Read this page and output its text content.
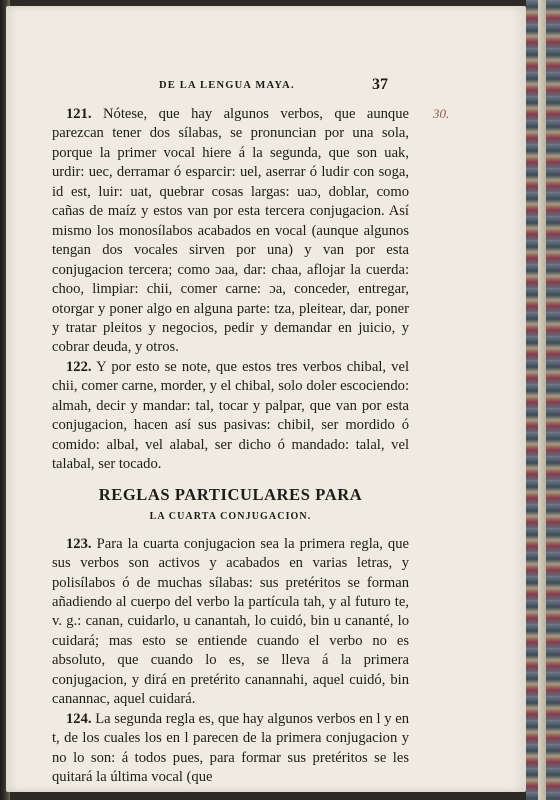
DE LA LENGUA MAYA.	37
30.

121. Nótese, que hay algunos verbos, que aunque parezcan tener dos sílabas, se pronuncian por una sola, porque la primer vocal hiere á la segunda, que son uak, urdir: uec, derramar ó esparcir: uel, aserrar ó ludir con soga, id est, luir: uat, quebrar cosas largas: uaɔ, doblar, como cañas de maíz y estos van por esta tercera conjugacion. Así mismo los monosílabos acabados en vocal (aunque algunos tengan dos vocales sirven por una) y van por esta conjugacion tercera; como ɔaa, dar: chaa, aflojar la cuerda: choo, limpiar: chii, comer carne: ɔa, conceder, entregar, otorgar y poner algo en alguna parte: tza, pleitear, dar, poner y tratar pleitos y negocios, pedir y demandar en juicio, y cobrar deuda, y otros.

122. Y por esto se note, que estos tres verbos chibal, vel chii, comer carne, morder, y el chibal, solo doler escociendo: almah, decir y mandar: tal, tocar y palpar, que van por esta conjugacion, hacen así sus pasivas: chibil, ser mordido ó comido: albal, vel alabal, ser dicho ó mandado: talal, vel talabal, ser tocado.

REGLAS PARTICULARES PARA
LA CUARTA CONJUGACION.

123. Para la cuarta conjugacion sea la primera regla, que sus verbos son activos y acabados en varias letras, y polisílabos ó de muchas sílabas: sus pretéritos se forman añadiendo al cuerpo del verbo la partícula tah, y al futuro te, v. g.: canan, cuidarlo, u canantah, lo cuidó, bin u cananté, lo cuidará; mas esto se entiende cuando el verbo no es absoluto, que cuando lo es, se lleva á la primera conjugacion, y dirá en pretérito canannahi, aquel cuidó, bin canannac, aquel cuidará.

124. La segunda regla es, que hay algunos verbos en l y en t, de los cuales los en l parecen de la primera conjugacion y no lo son: á todos pues, para formar sus pretéritos se les quitará la última vocal (que
